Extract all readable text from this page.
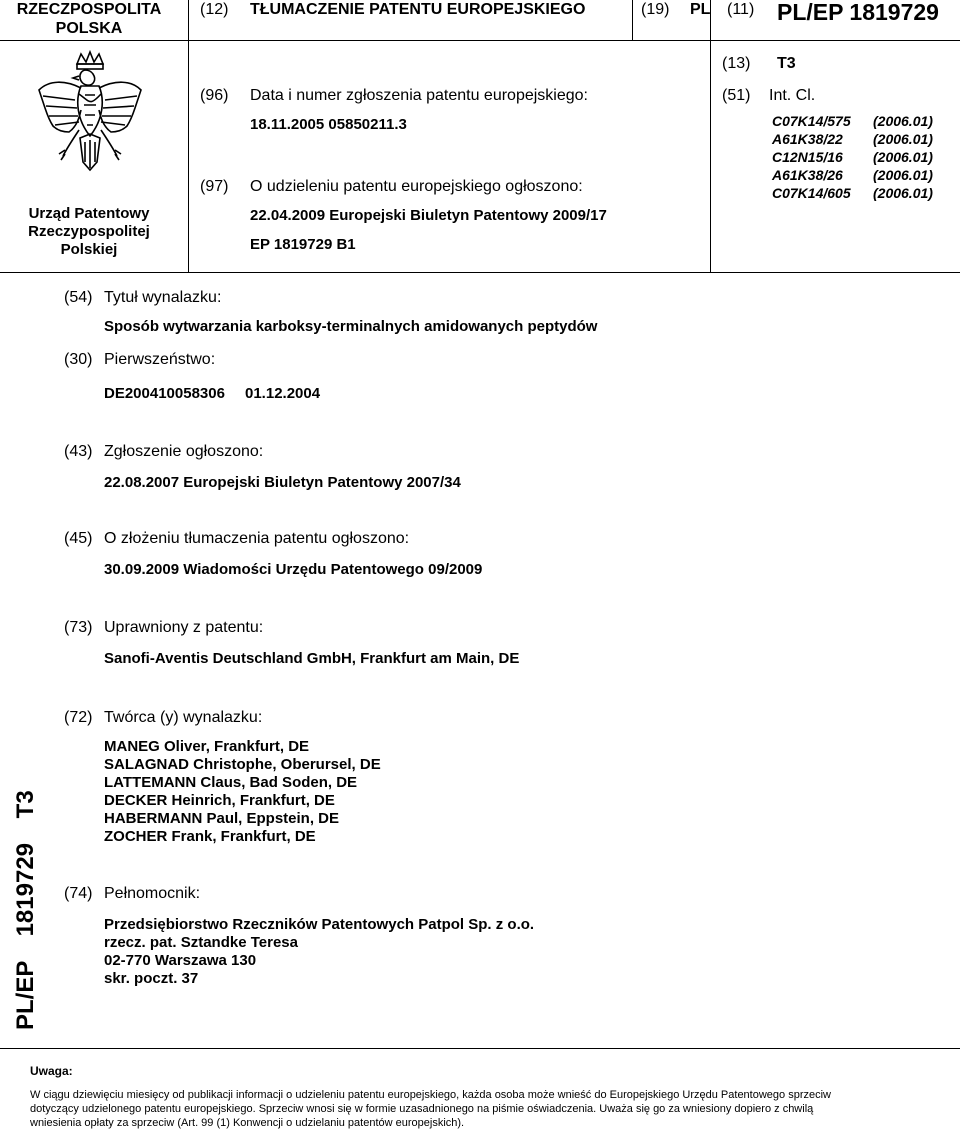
RZECZPOSPOLITA
POLSKA
(12) TŁUMACZENIE PATENTU EUROPEJSKIEGO	(19) PL (11) PL/EP 1819729
Urząd Patentowy
Rzeczypospolitej
Polskiej
(96) Data i numer zgłoszenia patentu europejskiego:
18.11.2005 05850211.3
(97) O udzieleniu patentu europejskiego ogłoszono:
22.04.2009 Europejski Biuletyn Patentowy 2009/17
EP 1819729 B1
(13) T3
(51) Int. Cl.
C07K14/575
A61K38/22
C12N15/16
A61K38/26
C07K14/605
(2006.01)
(2006.01)
(2006.01)
(2006.01)
(2006.01)
(54) Tytuł wynalazku:
Sposób wytwarzania karboksy-terminalnych amidowanych peptydów
(30) Pierwszeństwo:
DE200410058306 01.12.2004
(43) Zgłoszenie ogłoszono:
22.08.2007 Europejski Biuletyn Patentowy 2007/34
(45) O złożeniu tłumaczenia patentu ogłoszono:
30.09.2009 Wiadomości Urzędu Patentowego 09/2009
(73) Uprawniony z patentu:
Sanofi-Aventis Deutschland GmbH, Frankfurt am Main, DE
(72) Twórca (y) wynalazku:
MANEG Oliver, Frankfurt, DE
SALAGNAD Christophe, Oberursel, DE
LATTEMANN Claus, Bad Soden, DE
DECKER Heinrich, Frankfurt, DE
HABERMANN Paul, Eppstein, DE
ZOCHER Frank, Frankfurt, DE
(74) Pełnomocnik:
Przedsiębiorstwo Rzeczników Patentowych Patpol Sp. z o.o.
rzecz. pat. Sztandke Teresa
02-770 Warszawa 130
skr. poczt. 37
PL/EP 1819729 T3
Uwaga:
W ciągu dziewięciu miesięcy od publikacji informacji o udzieleniu patentu europejskiego, każda osoba może wnieść do Europejskiego Urzędu Patentowego sprzeciw
dotyczący udzielonego patentu europejskiego. Sprzeciw wnosi się w formie uzasadnionego na piśmie oświadczenia. Uważa się go za wniesiony dopiero z chwilą
wniesienia opłaty za sprzeciw (Art. 99 (1) Konwencji o udzielaniu patentów europejskich).
